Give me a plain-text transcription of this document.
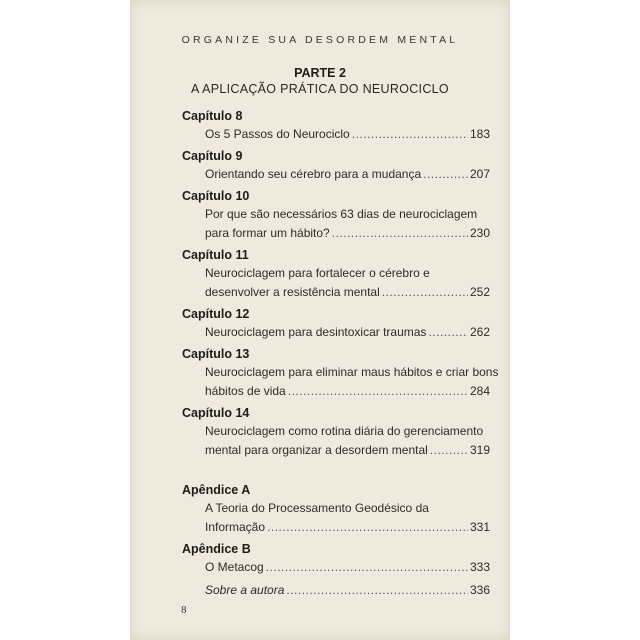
ORGANIZE SUA DESORDEM MENTAL
PARTE 2
A APLICAÇÃO PRÁTICA DO NEUROCICLO
Capítulo 8
Os 5 Passos do Neurociclo .....	183
Capítulo 9
Orientando seu cérebro para a mudança .....	207
Capítulo 10
Por que são necessários 63 dias de neurociclagem
para formar um hábito? .....	230
Capítulo 11
Neurociclagem para fortalecer o cérebro e
desenvolver a resistência mental .....	252
Capítulo 12
Neurociclagem para desintoxicar traumas .....	262
Capítulo 13
Neurociclagem para eliminar maus hábitos e criar bons
hábitos de vida .....	284
Capítulo 14
Neurociclagem como rotina diária do gerenciamento
mental para organizar a desordem mental .....	319
Apêndice A
A Teoria do Processamento Geodésico da
Informação .....	331
Apêndice B
O Metacog .....	333
Sobre a autora .....	336
8
